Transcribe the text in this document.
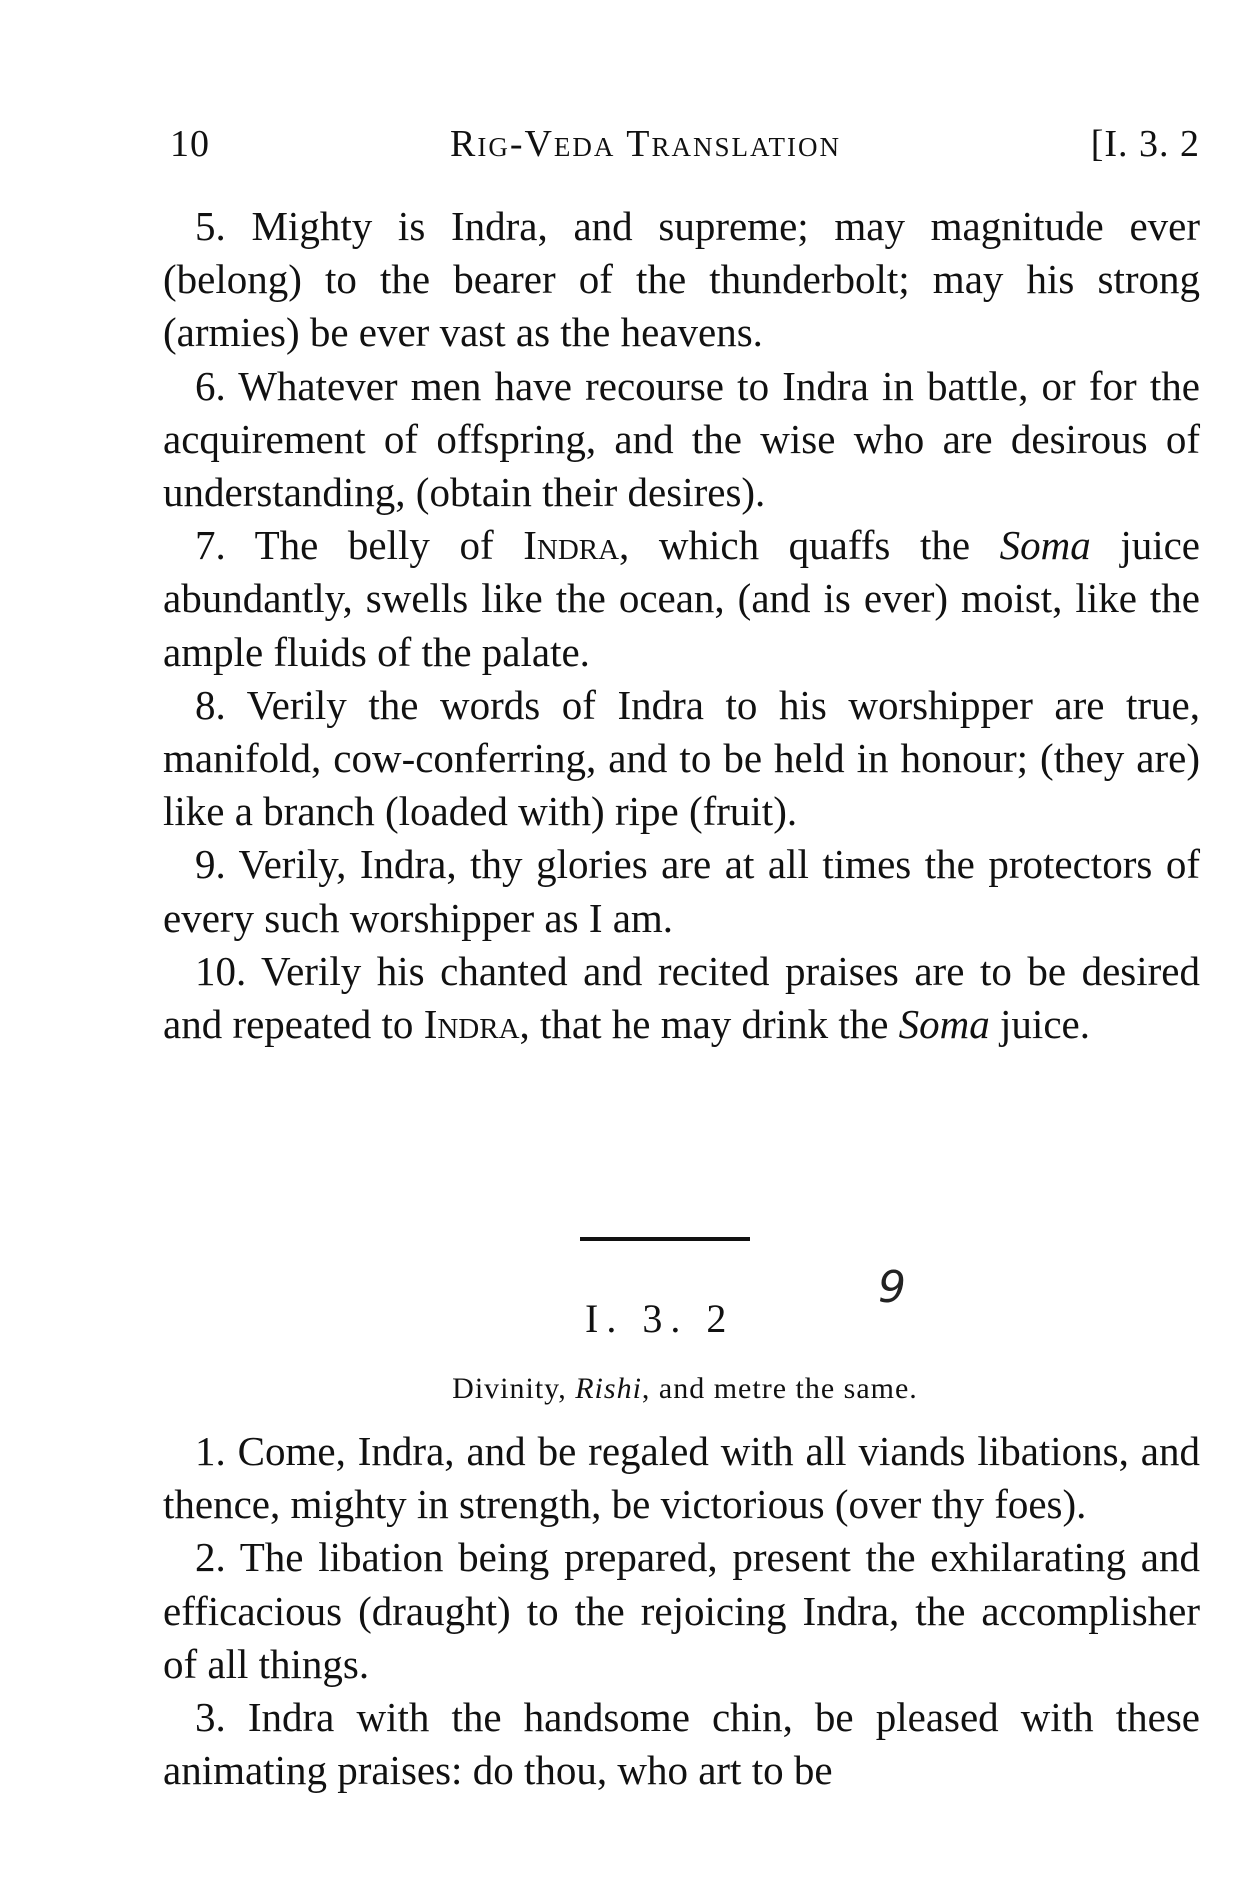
10	Rig-Veda Translation	[I. 3. 2

5. Mighty is Indra, and supreme; may magnitude ever (belong) to the bearer of the thunderbolt; may his strong (armies) be ever vast as the heavens.

6. Whatever men have recourse to Indra in battle, or for the acquirement of offspring, and the wise who are desirous of understanding, (obtain their desires).

7. The belly of Indra, which quaffs the Soma juice abundantly, swells like the ocean, (and is ever) moist, like the ample fluids of the palate.

8. Verily the words of Indra to his worshipper are true, manifold, cow-conferring, and to be held in honour; (they are) like a branch (loaded with) ripe (fruit).

9. Verily, Indra, thy glories are at all times the protectors of every such worshipper as I am.

10. Verily his chanted and recited praises are to be desired and repeated to Indra, that he may drink the Soma juice.

I. 3. 2
9
Divinity, Rishi, and metre the same.

1. Come, Indra, and be regaled with all viands libations, and thence, mighty in strength, be victorious (over thy foes).

2. The libation being prepared, present the exhilarating and efficacious (draught) to the rejoicing Indra, the accomplisher of all things.

3. Indra with the handsome chin, be pleased with these animating praises: do thou, who art to be
